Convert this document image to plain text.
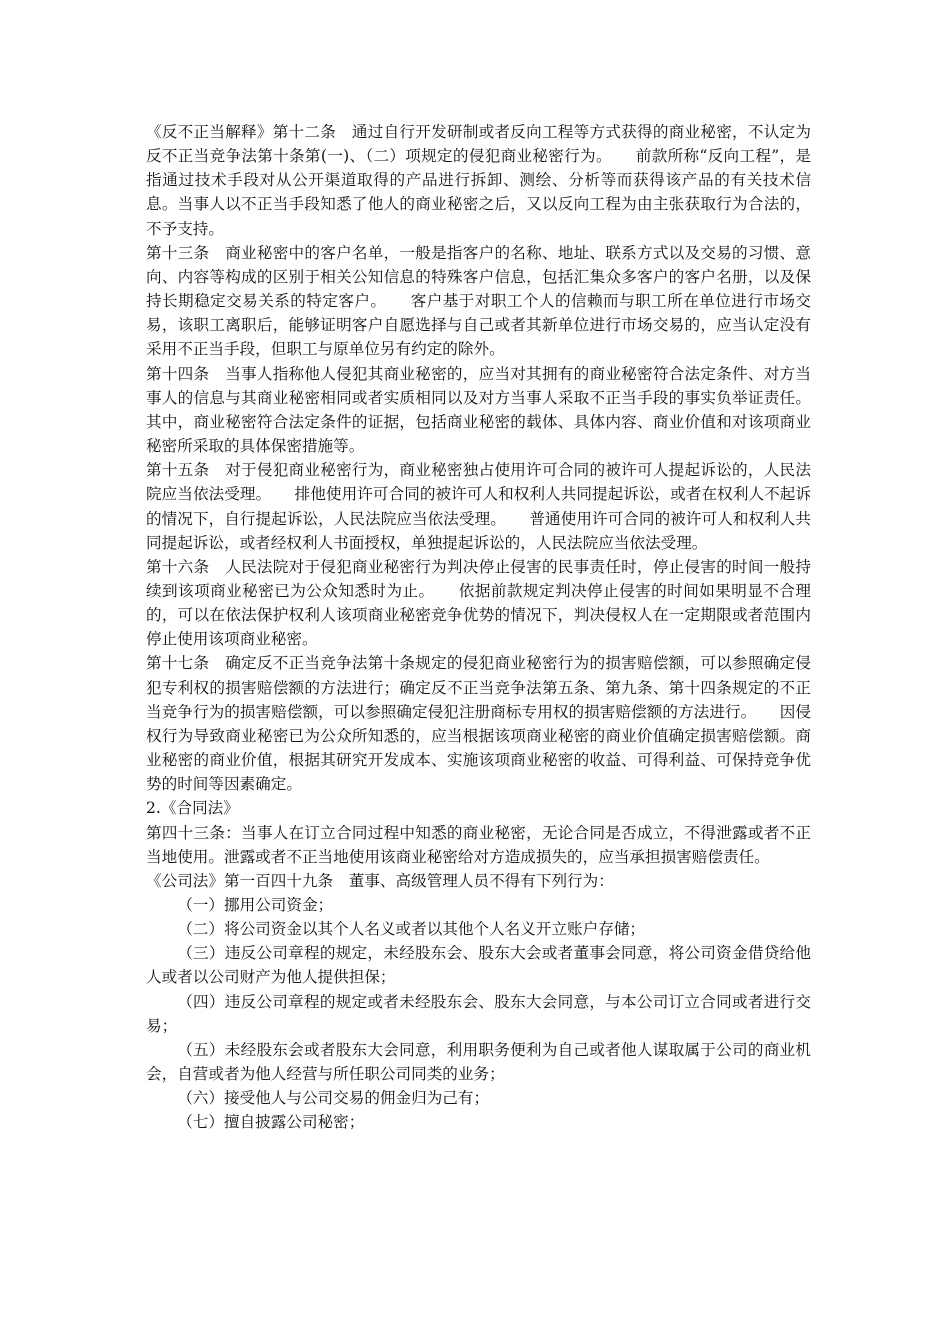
《反不正当解释》第十二条　通过自行开发研制或者反向工程等方式获得的商业秘密，不认定为反不正当竞争法第十条第(一)、（二）项规定的侵犯商业秘密行为。　　前款所称“反向工程”，是指通过技术手段对从公开渠道取得的产品进行拆卸、测绘、分析等而获得该产品的有关技术信息。当事人以不正当手段知悉了他人的商业秘密之后，又以反向工程为由主张获取行为合法的，不予支持。

第十三条　商业秘密中的客户名单，一般是指客户的名称、地址、联系方式以及交易的习惯、意向、内容等构成的区别于相关公知信息的特殊客户信息，包括汇集众多客户的客户名册，以及保持长期稳定交易关系的特定客户。　　客户基于对职工个人的信赖而与职工所在单位进行市场交易，该职工离职后，能够证明客户自愿选择与自己或者其新单位进行市场交易的，应当认定没有采用不正当手段，但职工与原单位另有约定的除外。

第十四条　当事人指称他人侵犯其商业秘密的，应当对其拥有的商业秘密符合法定条件、对方当事人的信息与其商业秘密相同或者实质相同以及对方当事人采取不正当手段的事实负举证责任。其中，商业秘密符合法定条件的证据，包括商业秘密的载体、具体内容、商业价值和对该项商业秘密所采取的具体保密措施等。

第十五条　对于侵犯商业秘密行为，商业秘密独占使用许可合同的被许可人提起诉讼的，人民法院应当依法受理。　　排他使用许可合同的被许可人和权利人共同提起诉讼，或者在权利人不起诉的情况下，自行提起诉讼，人民法院应当依法受理。　　普通使用许可合同的被许可人和权利人共同提起诉讼，或者经权利人书面授权，单独提起诉讼的，人民法院应当依法受理。

第十六条　人民法院对于侵犯商业秘密行为判决停止侵害的民事责任时，停止侵害的时间一般持续到该项商业秘密已为公众知悉时为止。　　依据前款规定判决停止侵害的时间如果明显不合理的，可以在依法保护权利人该项商业秘密竞争优势的情况下，判决侵权人在一定期限或者范围内停止使用该项商业秘密。

第十七条　确定反不正当竞争法第十条规定的侵犯商业秘密行为的损害赔偿额，可以参照确定侵犯专利权的损害赔偿额的方法进行；确定反不正当竞争法第五条、第九条、第十四条规定的不正当竞争行为的损害赔偿额，可以参照确定侵犯注册商标专用权的损害赔偿额的方法进行。　　因侵权行为导致商业秘密已为公众所知悉的，应当根据该项商业秘密的商业价值确定损害赔偿额。商业秘密的商业价值，根据其研究开发成本、实施该项商业秘密的收益、可得利益、可保持竞争优势的时间等因素确定。

2.《合同法》

第四十三条：当事人在订立合同过程中知悉的商业秘密，无论合同是否成立，不得泄露或者不正当地使用。泄露或者不正当地使用该商业秘密给对方造成损失的，应当承担损害赔偿责任。

《公司法》第一百四十九条　董事、高级管理人员不得有下列行为：

（一）挪用公司资金；

（二）将公司资金以其个人名义或者以其他个人名义开立账户存储；

（三）违反公司章程的规定，未经股东会、股东大会或者董事会同意，将公司资金借贷给他人或者以公司财产为他人提供担保；

（四）违反公司章程的规定或者未经股东会、股东大会同意，与本公司订立合同或者进行交易；

（五）未经股东会或者股东大会同意，利用职务便利为自己或者他人谋取属于公司的商业机会，自营或者为他人经营与所任职公司同类的业务；

（六）接受他人与公司交易的佣金归为己有；

（七）擅自披露公司秘密；
